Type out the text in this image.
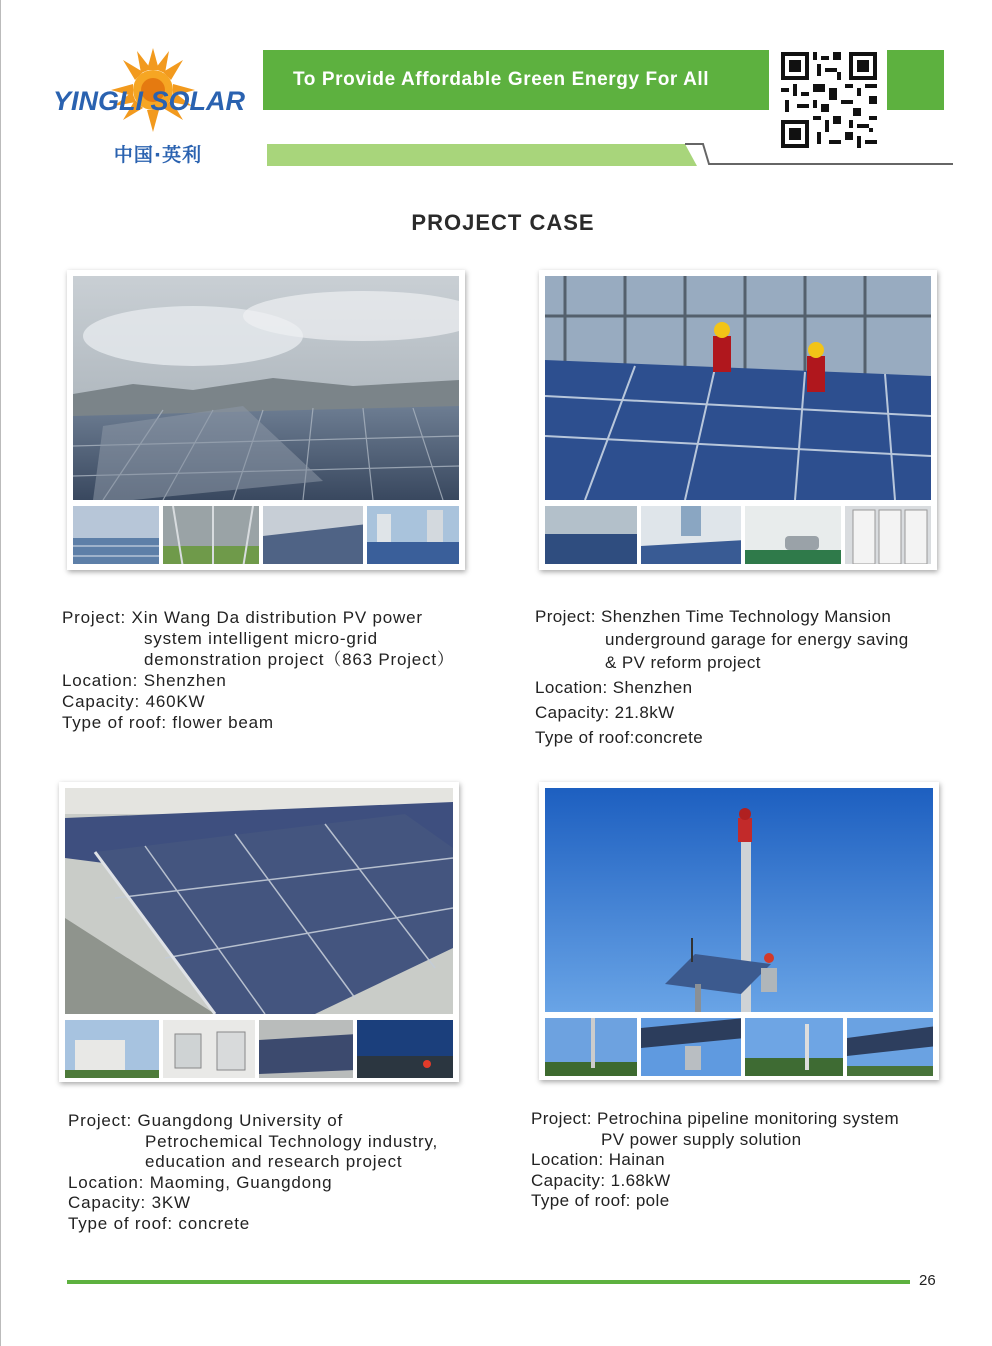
YINGLI SOLAR
中国·英利
To Provide Affordable Green Energy For All
PROJECT CASE
Project: Xin Wang Da distribution PV power
system intelligent micro-grid
demonstration project（863 Project）
Location: Shenzhen
Capacity: 460KW
Type of roof: flower beam
Project: Shenzhen Time Technology Mansion
underground garage for energy saving
& PV reform project
Location: Shenzhen
Capacity: 21.8kW
Type of roof:concrete
Project: Guangdong University of
Petrochemical Technology industry,
education and research project
Location: Maoming, Guangdong
Capacity: 3KW
Type of roof: concrete
Project: Petrochina pipeline monitoring system
PV power supply solution
Location: Hainan
Capacity: 1.68kW
Type of roof: pole
26
